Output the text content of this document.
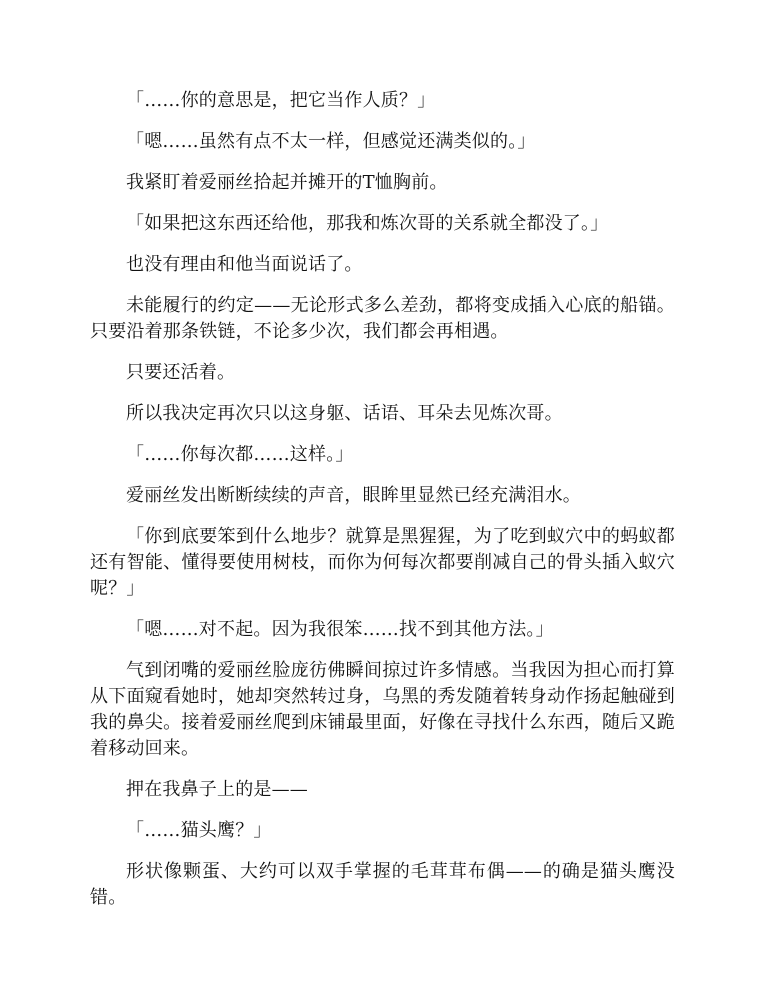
「……你的意思是，把它当作人质？」

「嗯……虽然有点不太一样，但感觉还满类似的。」

我紧盯着爱丽丝拾起并摊开的T恤胸前。

「如果把这东西还给他，那我和炼次哥的关系就全都没了。」

也没有理由和他当面说话了。

未能履行的约定——无论形式多么差劲，都将变成插入心底的船锚。只要沿着那条铁链，不论多少次，我们都会再相遇。

只要还活着。

所以我决定再次只以这身躯、话语、耳朵去见炼次哥。

「……你每次都……这样。」

爱丽丝发出断断续续的声音，眼眸里显然已经充满泪水。

「你到底要笨到什么地步？就算是黑猩猩，为了吃到蚁穴中的蚂蚁都还有智能、懂得要使用树枝，而你为何每次都要削减自己的骨头插入蚁穴呢？」

「嗯……对不起。因为我很笨……找不到其他方法。」

气到闭嘴的爱丽丝脸庞彷佛瞬间掠过许多情感。当我因为担心而打算从下面窥看她时，她却突然转过身，乌黑的秀发随着转身动作扬起触碰到我的鼻尖。接着爱丽丝爬到床铺最里面，好像在寻找什么东西，随后又跪着移动回来。

押在我鼻子上的是——

「……猫头鹰？」

形状像颗蛋、大约可以双手掌握的毛茸茸布偶——的确是猫头鹰没错。
